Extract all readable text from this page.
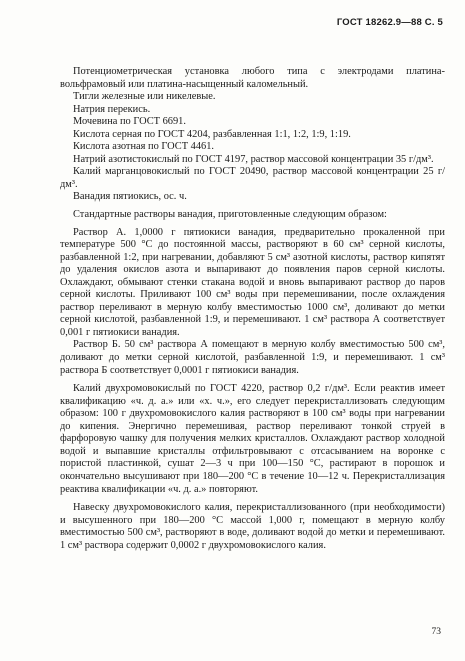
ГОСТ 18262.9—88 С. 5

Потенциометрическая установка любого типа с электродами платина-вольфрамовый или платина-насыщенный каломельный.

Тигли железные или никелевые.

Натрия перекись.

Мочевина по ГОСТ 6691.

Кислота серная по ГОСТ 4204, разбавленная 1:1, 1:2, 1:9, 1:19.

Кислота азотная по ГОСТ 4461.

Натрий азотистокислый по ГОСТ 4197, раствор массовой концентрации 35 г/дм³.

Калий марганцовокислый по ГОСТ 20490, раствор массовой концентрации 25 г/дм³.

Ванадия пятиокись, ос. ч.

Стандартные растворы ванадия, приготовленные следующим образом:

Раствор А. 1,0000 г пятиокиси ванадия, предварительно прокаленной при температуре 500 °С до постоянной массы, растворяют в 60 см³ серной кислоты, разбавленной 1:2, при нагревании, добавляют 5 см³ азотной кислоты, раствор кипятят до удаления окислов азота и выпаривают до появления паров серной кислоты. Охлаждают, обмывают стенки стакана водой и вновь выпаривают раствор до паров серной кислоты. Приливают 100 см³ воды при перемешивании, после охлаждения раствор переливают в мерную колбу вместимостью 1000 см³, доливают до метки серной кислотой, разбавленной 1:9, и перемешивают. 1 см³ раствора А соответствует 0,001 г пятиокиси ванадия.

Раствор Б. 50 см³ раствора А помещают в мерную колбу вместимостью 500 см³, доливают до метки серной кислотой, разбавленной 1:9, и перемешивают. 1 см³ раствора Б соответствует 0,0001 г пятиокиси ванадия.

Калий двухромовокислый по ГОСТ 4220, раствор 0,2 г/дм³. Если реактив имеет квалификацию «ч. д. а.» или «х. ч.», его следует перекристаллизовать следующим образом: 100 г двухромовокислого калия растворяют в 100 см³ воды при нагревании до кипения. Энергично перемешивая, раствор переливают тонкой струей в фарфоровую чашку для получения мелких кристаллов. Охлаждают раствор холодной водой и выпавшие кристаллы отфильтровывают с отсасыванием на воронке с пористой пластинкой, сушат 2—3 ч при 100—150 °С, растирают в порошок и окончательно высушивают при 180—200 °С в течение 10—12 ч. Перекристаллизация реактива квалификации «ч. д. а.» повторяют.

Навеску двухромовокислого калия, перекристаллизованного (при необходимости) и высушенного при 180—200 °С массой 1,000 г, помещают в мерную колбу вместимостью 500 см³, растворяют в воде, доливают водой до метки и перемешивают. 1 см³ раствора содержит 0,0002 г двухромовокислого калия.

73
